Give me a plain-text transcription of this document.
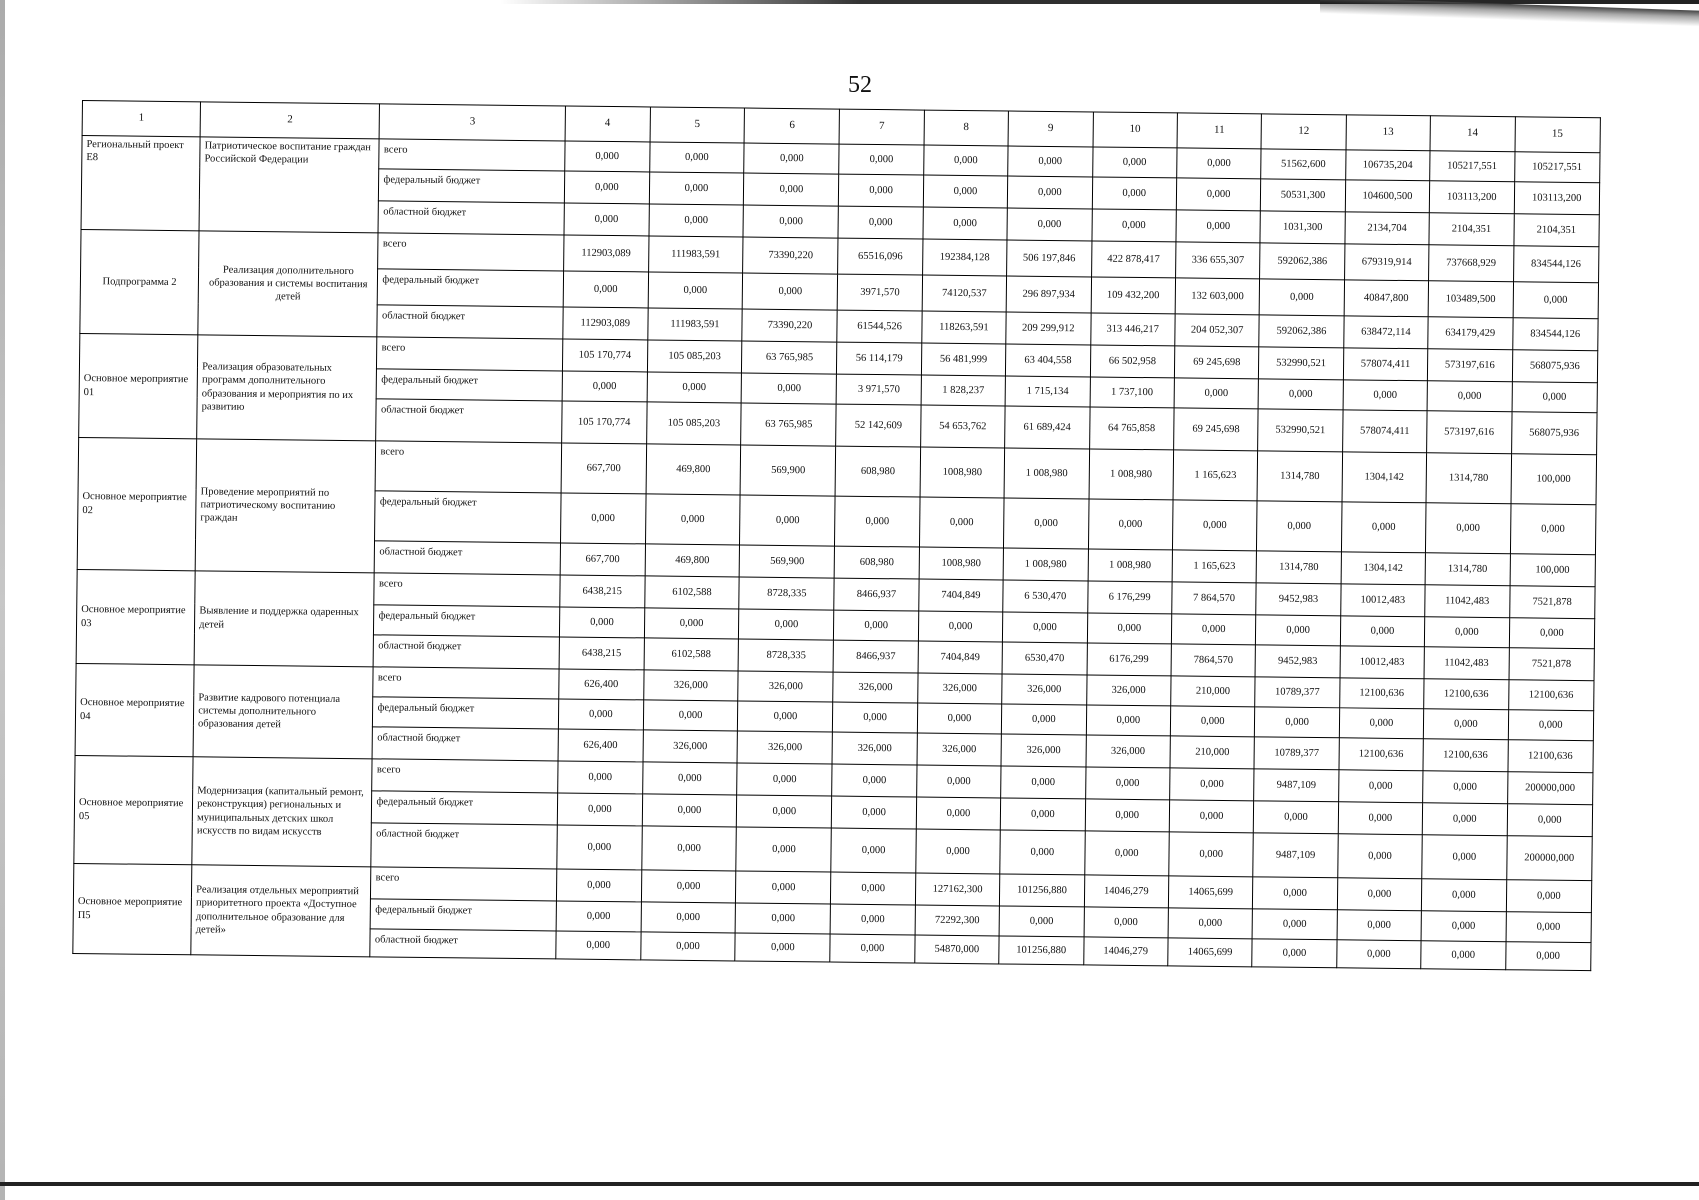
52
1	2	3	4	5	6	7	8	9	10	11	12	13	14	15
Региональный проект Е8	Патриотическое воспитание граждан Российской Федерации	всего	0,000	0,000	0,000	0,000	0,000	0,000	0,000	0,000	51562,600	106735,204	105217,551	105217,551
		федеральный бюджет	0,000	0,000	0,000	0,000	0,000	0,000	0,000	0,000	50531,300	104600,500	103113,200	103113,200
		областной бюджет	0,000	0,000	0,000	0,000	0,000	0,000	0,000	0,000	1031,300	2134,704	2104,351	2104,351
Подпрограмма 2	Реализация дополнительного образования и системы воспитания детей	всего	112903,089	111983,591	73390,220	65516,096	192384,128	506 197,846	422 878,417	336 655,307	592062,386	679319,914	737668,929	834544,126
		федеральный бюджет	0,000	0,000	0,000	3971,570	74120,537	296 897,934	109 432,200	132 603,000	0,000	40847,800	103489,500	0,000
		областной бюджет	112903,089	111983,591	73390,220	61544,526	118263,591	209 299,912	313 446,217	204 052,307	592062,386	638472,114	634179,429	834544,126
Основное мероприятие 01	Реализация образовательных программ дополнительного образования и мероприятия по их развитию	всего	105 170,774	105 085,203	63 765,985	56 114,179	56 481,999	63 404,558	66 502,958	69 245,698	532990,521	578074,411	573197,616	568075,936
		федеральный бюджет	0,000	0,000	0,000	3 971,570	1 828,237	1 715,134	1 737,100	0,000	0,000	0,000	0,000	0,000
		областной бюджет	105 170,774	105 085,203	63 765,985	52 142,609	54 653,762	61 689,424	64 765,858	69 245,698	532990,521	578074,411	573197,616	568075,936
Основное мероприятие 02	Проведение мероприятий по патриотическому воспитанию граждан	всего	667,700	469,800	569,900	608,980	1008,980	1 008,980	1 008,980	1 165,623	1314,780	1304,142	1314,780	100,000
		федеральный бюджет	0,000	0,000	0,000	0,000	0,000	0,000	0,000	0,000	0,000	0,000	0,000	0,000
		областной бюджет	667,700	469,800	569,900	608,980	1008,980	1 008,980	1 008,980	1 165,623	1314,780	1304,142	1314,780	100,000
Основное мероприятие 03	Выявление и поддержка одаренных детей	всего	6438,215	6102,588	8728,335	8466,937	7404,849	6 530,470	6 176,299	7 864,570	9452,983	10012,483	11042,483	7521,878
		федеральный бюджет	0,000	0,000	0,000	0,000	0,000	0,000	0,000	0,000	0,000	0,000	0,000	0,000
		областной бюджет	6438,215	6102,588	8728,335	8466,937	7404,849	6530,470	6176,299	7864,570	9452,983	10012,483	11042,483	7521,878
Основное мероприятие 04	Развитие кадрового потенциала системы дополнительного образования детей	всего	626,400	326,000	326,000	326,000	326,000	326,000	326,000	210,000	10789,377	12100,636	12100,636	12100,636
		федеральный бюджет	0,000	0,000	0,000	0,000	0,000	0,000	0,000	0,000	0,000	0,000	0,000	0,000
		областной бюджет	626,400	326,000	326,000	326,000	326,000	326,000	326,000	210,000	10789,377	12100,636	12100,636	12100,636
Основное мероприятие 05	Модернизация (капитальный ремонт, реконструкция) региональных и муниципальных детских школ искусств по видам искусств	всего	0,000	0,000	0,000	0,000	0,000	0,000	0,000	0,000	9487,109	0,000	0,000	200000,000
		федеральный бюджет	0,000	0,000	0,000	0,000	0,000	0,000	0,000	0,000	0,000	0,000	0,000	0,000
		областной бюджет	0,000	0,000	0,000	0,000	0,000	0,000	0,000	0,000	9487,109	0,000	0,000	200000,000
Основное мероприятие П5	Реализация отдельных мероприятий приоритетного проекта «Доступное дополнительное образование для детей»	всего	0,000	0,000	0,000	0,000	127162,300	101256,880	14046,279	14065,699	0,000	0,000	0,000	0,000
		федеральный бюджет	0,000	0,000	0,000	0,000	72292,300	0,000	0,000	0,000	0,000	0,000	0,000	0,000
		областной бюджет	0,000	0,000	0,000	0,000	54870,000	101256,880	14046,279	14065,699	0,000	0,000	0,000	0,000
